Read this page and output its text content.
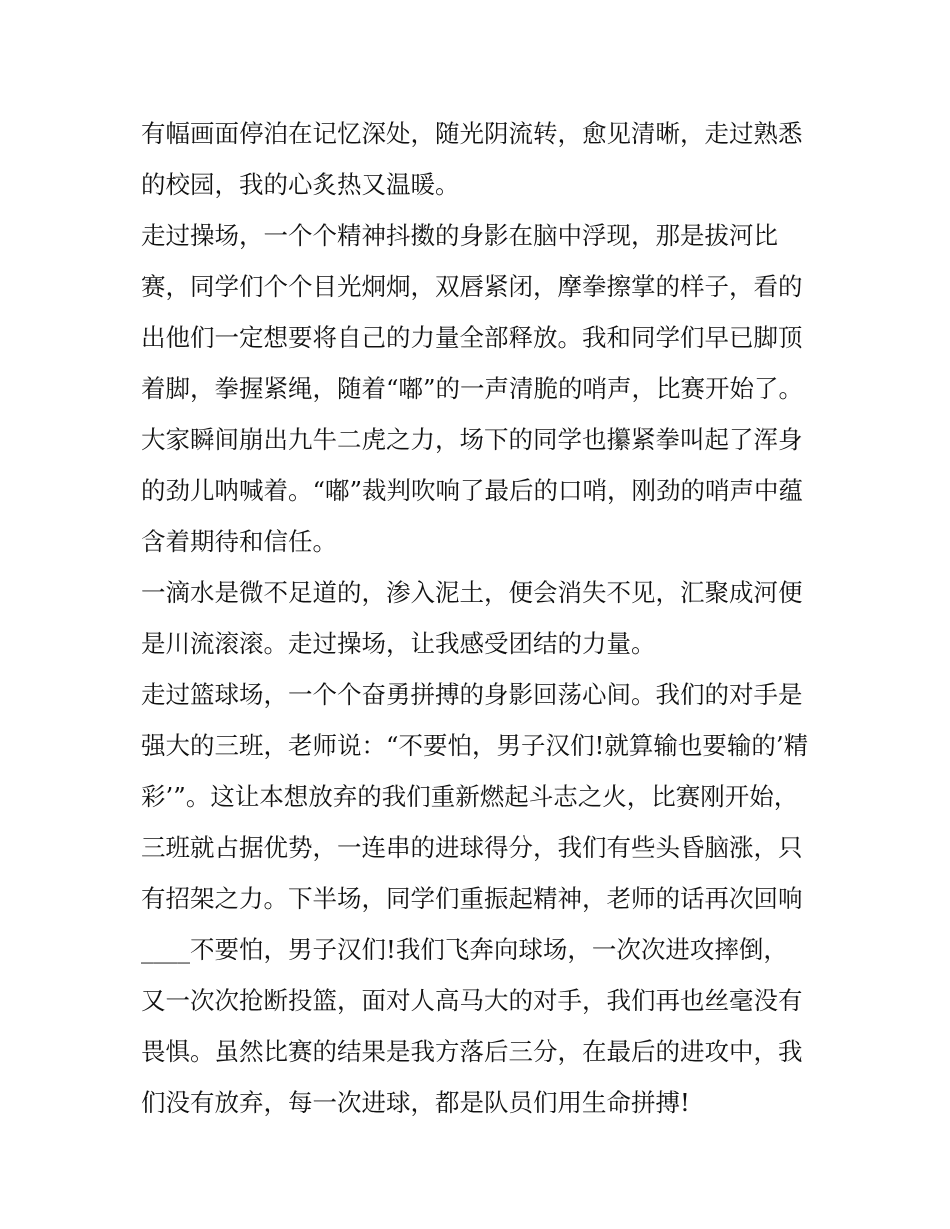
有幅画面停泊在记忆深处，随光阴流转，愈见清晰，走过熟悉
的校园，我的心炙热又温暖。
走过操场，一个个精神抖擞的身影在脑中浮现，那是拔河比
赛，同学们个个目光炯炯，双唇紧闭，摩拳擦掌的样子，看的
出他们一定想要将自己的力量全部释放。我和同学们早已脚顶
着脚，拳握紧绳，随着“嘟”的一声清脆的哨声，比赛开始了。
大家瞬间崩出九牛二虎之力，场下的同学也攥紧拳叫起了浑身
的劲儿呐喊着。“嘟”裁判吹响了最后的口哨，刚劲的哨声中蕴
含着期待和信任。
一滴水是微不足道的，渗入泥土，便会消失不见，汇聚成河便
是川流滚滚。走过操场，让我感受团结的力量。
走过篮球场，一个个奋勇拼搏的身影回荡心间。我们的对手是
强大的三班，老师说：“不要怕，男子汉们!就算输也要输的’精
彩’”。这让本想放弃的我们重新燃起斗志之火，比赛刚开始，
三班就占据优势，一连串的进球得分，我们有些头昏脑涨，只
有招架之力。下半场，同学们重振起精神，老师的话再次回响
____不要怕，男子汉们!我们飞奔向球场，一次次进攻摔倒，
又一次次抢断投篮，面对人高马大的对手，我们再也丝毫没有
畏惧。虽然比赛的结果是我方落后三分，在最后的进攻中，我
们没有放弃，每一次进球，都是队员们用生命拼搏!
